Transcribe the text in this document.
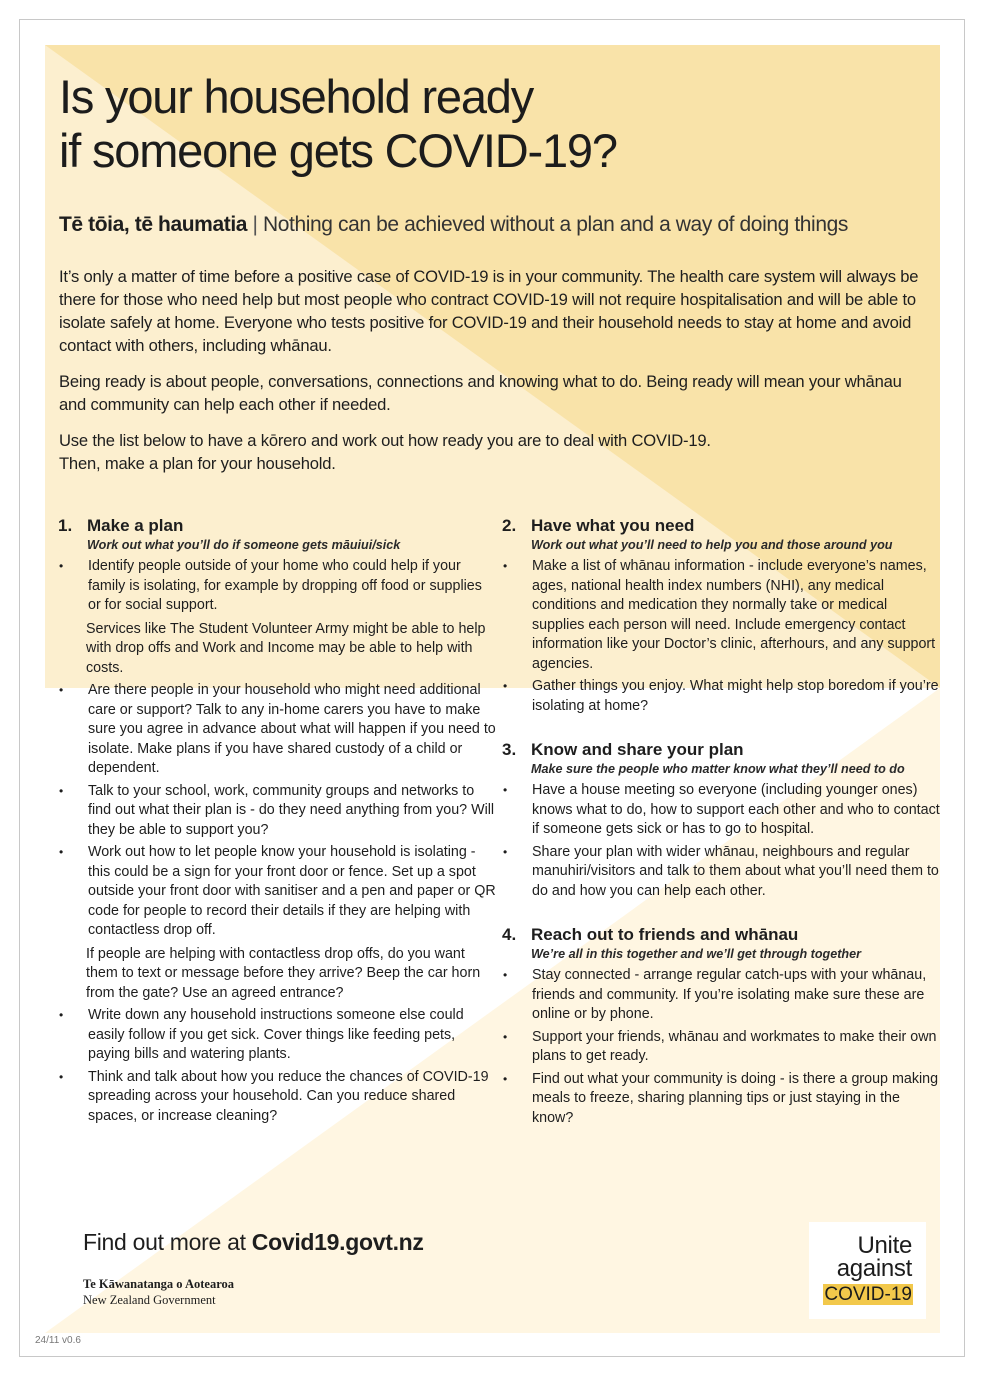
Is your household ready
if someone gets COVID-19?
Tē tōia, tē haumatia | Nothing can be achieved without a plan and a way of doing things

It’s only a matter of time before a positive case of COVID-19 is in your community. The health care system will always be there for those who need help but most people who contract COVID-19 will not require hospitalisation and will be able to isolate safely at home. Everyone who tests positive for COVID-19 and their household needs to stay at home and avoid contact with others, including whānau.

Being ready is about people, conversations, connections and knowing what to do. Being ready will mean your whānau and community can help each other if needed.

Use the list below to have a kōrero and work out how ready you are to deal with COVID-19.
Then, make a plan for your household.

1. Make a plan
Work out what you’ll do if someone gets māuiui/sick
•	Identify people outside of your home who could help if your family is isolating, for example by dropping off food or supplies or for social support.
Services like The Student Volunteer Army might be able to help with drop offs and Work and Income may be able to help with costs.
•	Are there people in your household who might need additional care or support? Talk to any in-home carers you have to make sure you agree in advance about what will happen if you need to isolate. Make plans if you have shared custody of a child or dependent.
•	Talk to your school, work, community groups and networks to find out what their plan is - do they need anything from you? Will they be able to support you?
•	Work out how to let people know your household is isolating - this could be a sign for your front door or fence. Set up a spot outside your front door with sanitiser and a pen and paper or QR code for people to record their details if they are helping with contactless drop off.
If people are helping with contactless drop offs, do you want them to text or message before they arrive? Beep the car horn from the gate? Use an agreed entrance?
•	Write down any household instructions someone else could easily follow if you get sick. Cover things like feeding pets, paying bills and watering plants.
•	Think and talk about how you reduce the chances of COVID-19 spreading across your household. Can you reduce shared spaces, or increase cleaning?
2. Have what you need
Work out what you’ll need to help you and those around you
•	Make a list of whānau information - include everyone’s names, ages, national health index numbers (NHI), any medical conditions and medication they normally take or medical supplies each person will need. Include emergency contact information like your Doctor’s clinic, afterhours, and any support agencies.
•	Gather things you enjoy. What might help stop boredom if you’re isolating at home?
3. Know and share your plan
Make sure the people who matter know what they’ll need to do
•	Have a house meeting so everyone (including younger ones) knows what to do, how to support each other and who to contact if someone gets sick or has to go to hospital.
•	Share your plan with wider whānau, neighbours and regular manuhiri/visitors and talk to them about what you’ll need them to do and how you can help each other.
4. Reach out to friends and whānau
We’re all in this together and we’ll get through together
•	Stay connected - arrange regular catch-ups with your whānau, friends and community. If you’re isolating make sure these are online or by phone.
•	Support your friends, whānau and workmates to make their own plans to get ready.
•	Find out what your community is doing - is there a group making meals to freeze, sharing planning tips or just staying in the know?
Find out more at Covid19.govt.nz
Te Kāwanatanga o Aotearoa
New Zealand Government
24/11 v0.6
Unite
against
COVID-19
